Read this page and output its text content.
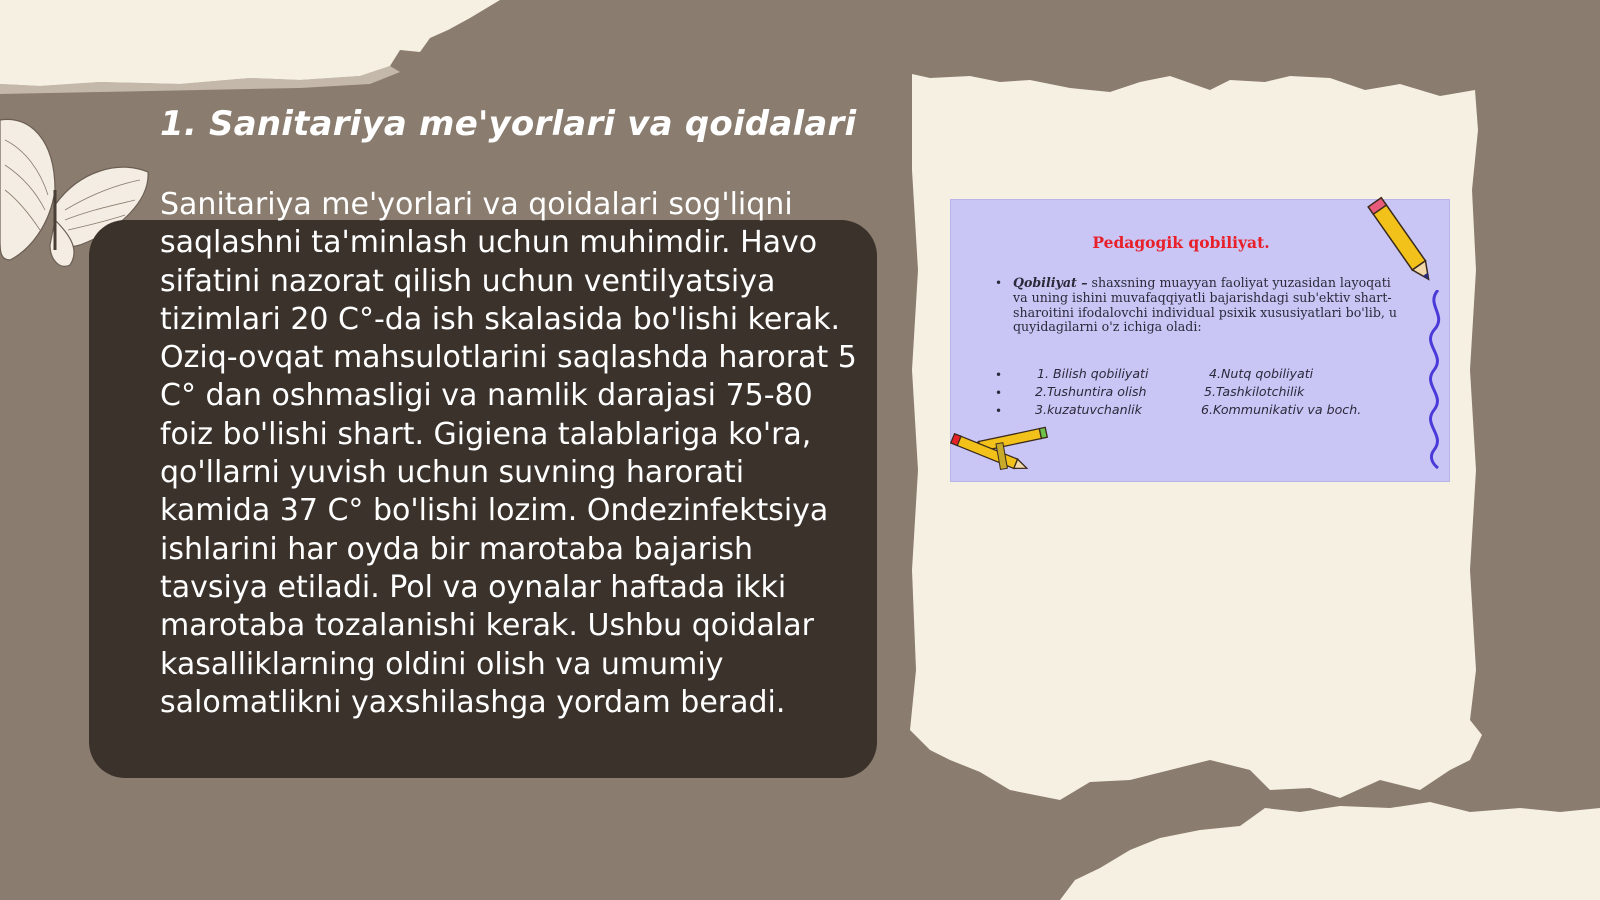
1. Sanitariya me'yorlari va qoidalari

Sanitariya me'yorlari va qoidalari sog'liqni saqlashni ta'minlash uchun muhimdir. Havo sifatini nazorat qilish uchun ventilyatsiya tizimlari 20 C°-da ish skalasida bo'lishi kerak. Oziq-ovqat mahsulotlarini saqlashda harorat 5 C° dan oshmasligi va namlik darajasi 75-80 foiz bo'lishi shart. Gigiena talablariga ko'ra, qo'llarni yuvish uchun suvning harorati kamida 37 C° bo'lishi lozim. Ondezinfektsiya ishlarini har oyda bir marotaba bajarish tavsiya etiladi. Pol va oynalar haftada ikki marotaba tozalanishi kerak. Ushbu qoidalar kasalliklarning oldini olish va umumiy salomatlikni yaxshilashga yordam beradi.

Pedagogik qobiliyat.
• Qobiliyat – shaxsning muayyan faoliyat yuzasidan layoqati va uning ishini muvafaqqiyatli bajarishdagi sub'ektiv shart-sharoitini ifodalovchi individual psixik xususiyatlari bo'lib, u quyidagilarni o'z ichiga oladi:
•
•
•
1. Bilish qobiliyati	4.Nutq qobiliyati
2.Tushuntira olish	5.Tashkilotchilik
3.kuzatuvchanlik	6.Kommunikativ va boch.
